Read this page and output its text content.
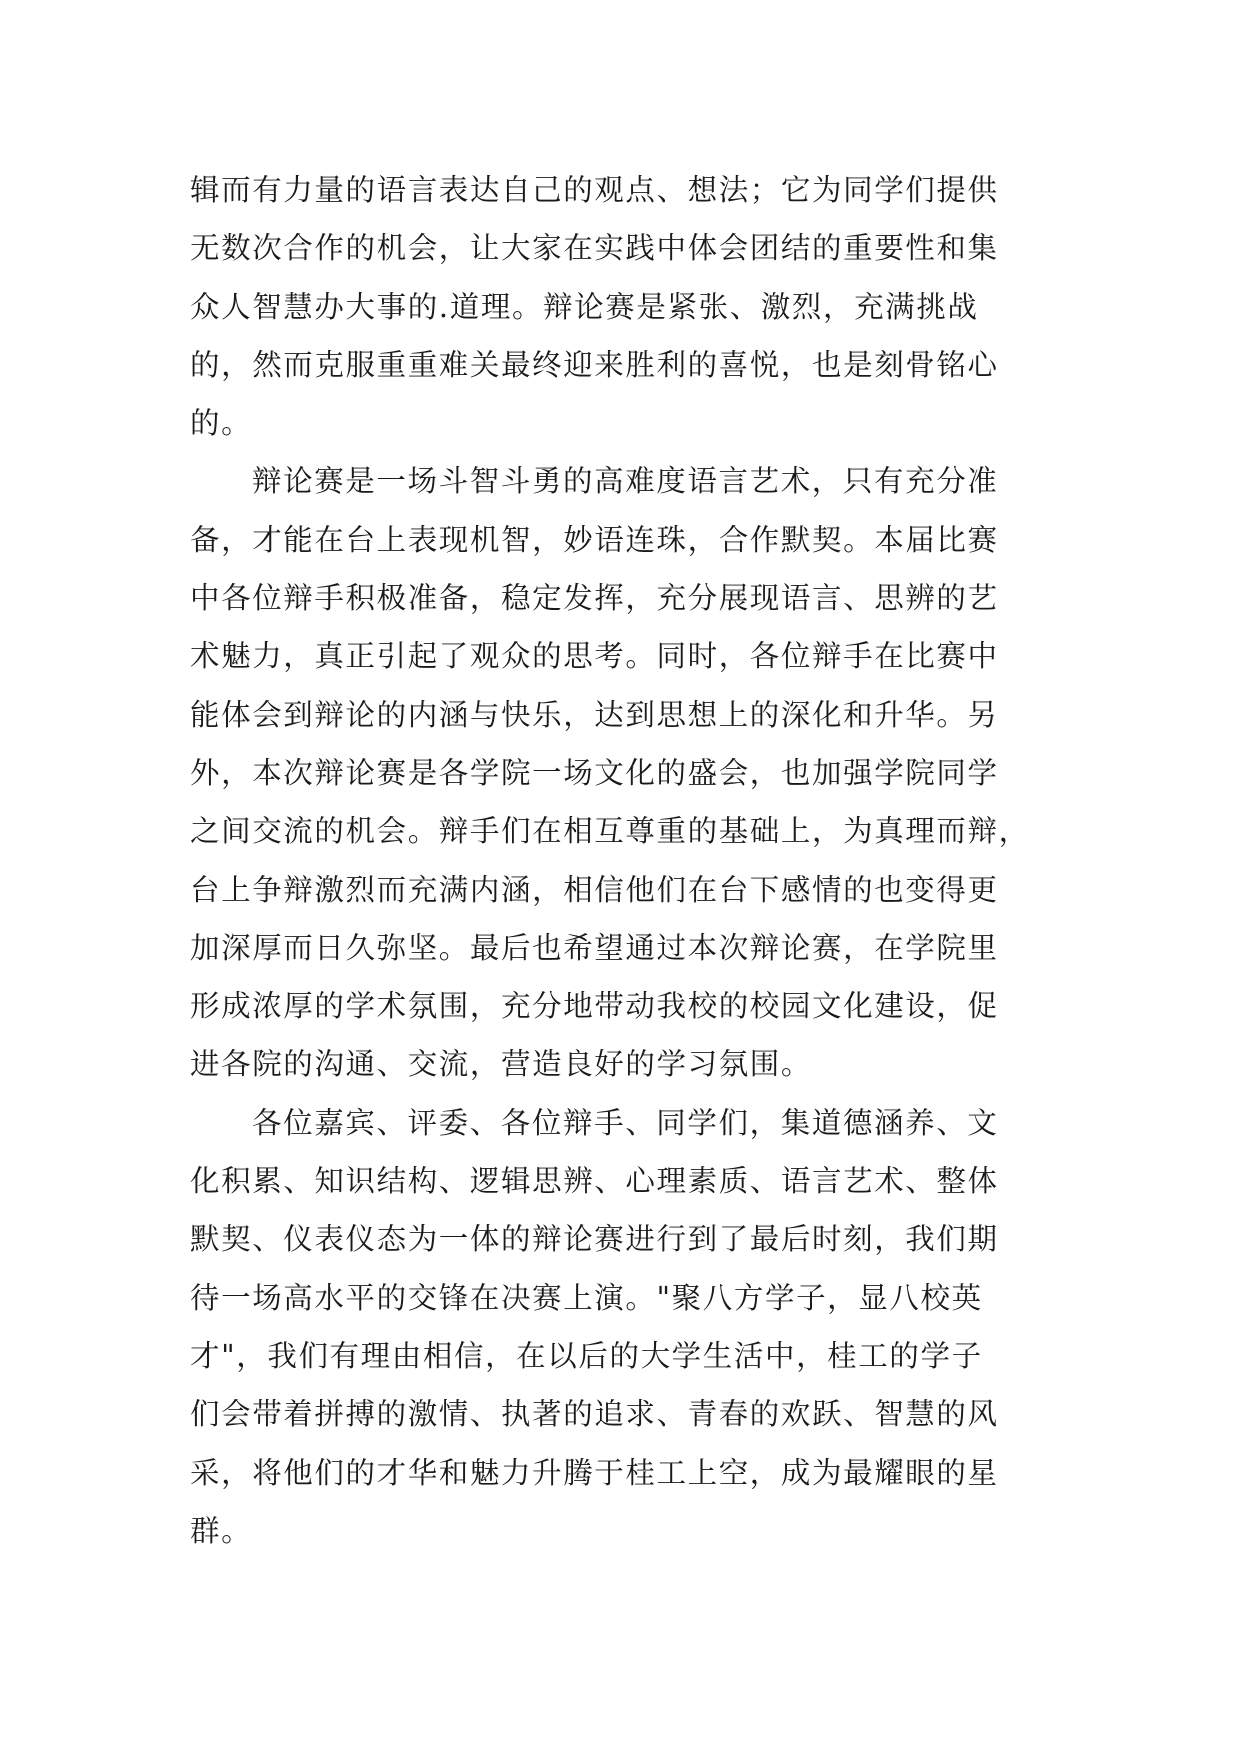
辑而有力量的语言表达自己的观点、想法；它为同学们提供
无数次合作的机会，让大家在实践中体会团结的重要性和集
众人智慧办大事的.道理。辩论赛是紧张、激烈，充满挑战
的，然而克服重重难关最终迎来胜利的喜悦，也是刻骨铭心
的。
辩论赛是一场斗智斗勇的高难度语言艺术，只有充分准
备，才能在台上表现机智，妙语连珠，合作默契。本届比赛
中各位辩手积极准备，稳定发挥，充分展现语言、思辨的艺
术魅力，真正引起了观众的思考。同时，各位辩手在比赛中
能体会到辩论的内涵与快乐，达到思想上的深化和升华。另
外，本次辩论赛是各学院一场文化的盛会，也加强学院同学
之间交流的机会。辩手们在相互尊重的基础上，为真理而辩，
台上争辩激烈而充满内涵，相信他们在台下感情的也变得更
加深厚而日久弥坚。最后也希望通过本次辩论赛，在学院里
形成浓厚的学术氛围，充分地带动我校的校园文化建设，促
进各院的沟通、交流，营造良好的学习氛围。
各位嘉宾、评委、各位辩手、同学们，集道德涵养、文
化积累、知识结构、逻辑思辨、心理素质、语言艺术、整体
默契、仪表仪态为一体的辩论赛进行到了最后时刻，我们期
待一场高水平的交锋在决赛上演。"聚八方学子，显八校英
才"，我们有理由相信，在以后的大学生活中，桂工的学子
们会带着拼搏的激情、执著的追求、青春的欢跃、智慧的风
采，将他们的才华和魅力升腾于桂工上空，成为最耀眼的星
群。
